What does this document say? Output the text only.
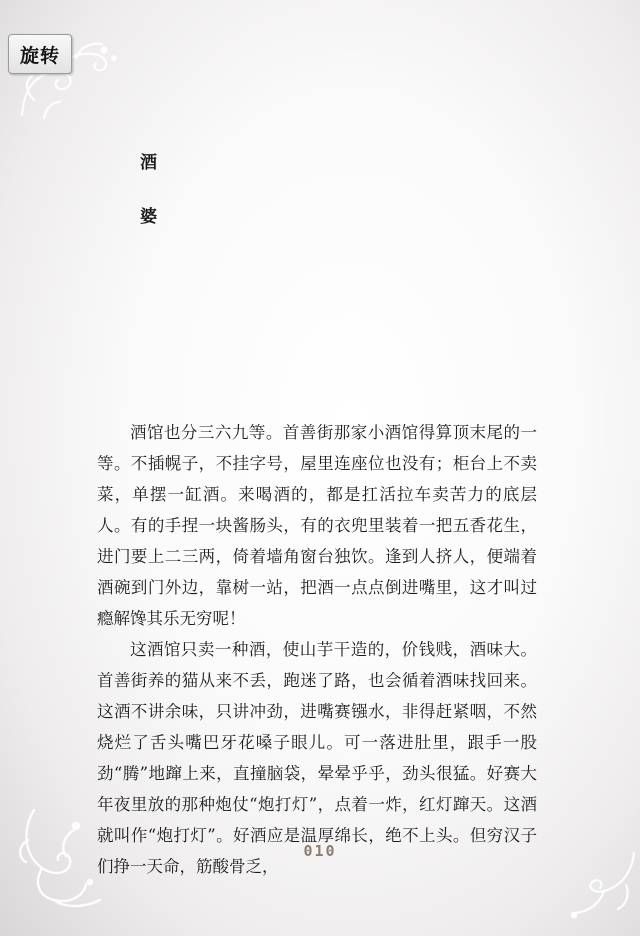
旋转
酒
婆

酒馆也分三六九等。首善街那家小酒馆得算顶末尾的一等。不插幌子，不挂字号，屋里连座位也没有；柜台上不卖菜，单摆一缸酒。来喝酒的，都是扛活拉车卖苦力的底层人。有的手捏一块酱肠头，有的衣兜里装着一把五香花生，进门要上二三两，倚着墙角窗台独饮。逢到人挤人，便端着酒碗到门外边，靠树一站，把酒一点点倒进嘴里，这才叫过瘾解馋其乐无穷呢！

这酒馆只卖一种酒，使山芋干造的，价钱贱，酒味大。首善街养的猫从来不丢，跑迷了路，也会循着酒味找回来。这酒不讲余味，只讲冲劲，进嘴赛镪水，非得赶紧咽，不然烧烂了舌头嘴巴牙花嗓子眼儿。可一落进肚里，跟手一股劲“腾”地蹿上来，直撞脑袋，晕晕乎乎，劲头很猛。好赛大年夜里放的那种炮仗“炮打灯”，点着一炸，红灯蹿天。这酒就叫作“炮打灯”。好酒应是温厚绵长，绝不上头。但穷汉子们挣一天命，筋酸骨乏，

010
